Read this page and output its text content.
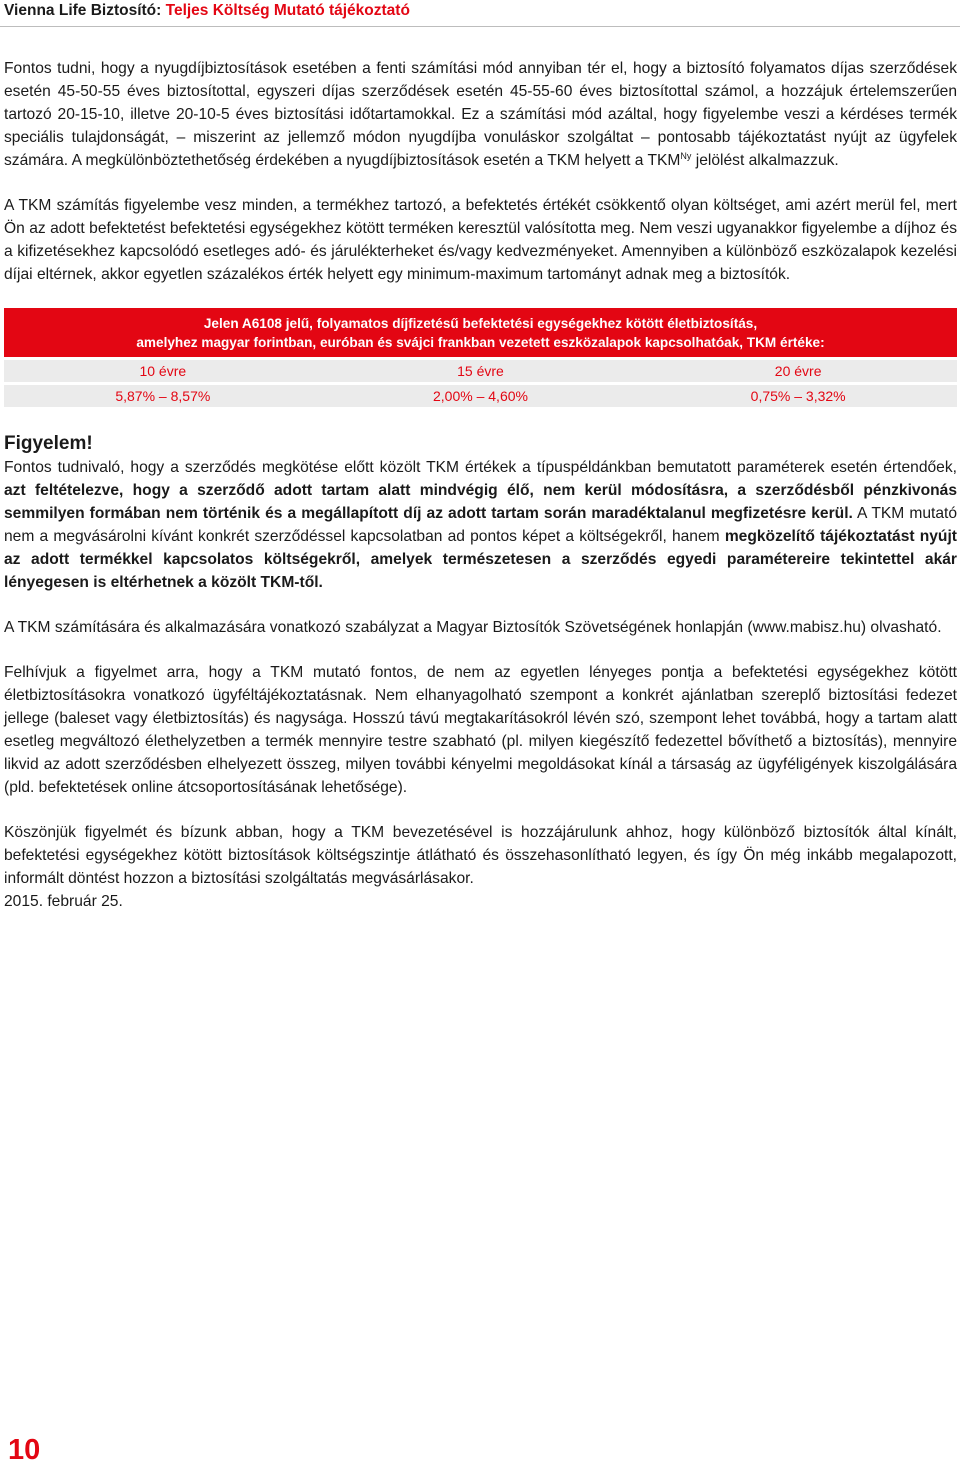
Vienna Life Biztosító: Teljes Költség Mutató tájékoztató

Fontos tudni, hogy a nyugdíjbiztosítások esetében a fenti számítási mód annyiban tér el, hogy a biztosító folyamatos díjas szerződések esetén 45-50-55 éves biztosítottal, egyszeri díjas szerződések esetén 45-55-60 éves biztosítottal számol, a hozzájuk értelemszerűen tartozó 20-15-10, illetve 20-10-5 éves biztosítási időtartamokkal. Ez a számítási mód azáltal, hogy figyelembe veszi a kérdéses termék speciális tulajdonságát, – miszerint az jellemző módon nyugdíjba vonuláskor szolgáltat – pontosabb tájékoztatást nyújt az ügyfelek számára. A megkülönböztethetőség érdekében a nyugdíjbiztosítások esetén a TKM helyett a $TKM^{Ny}$ jelölést alkalmazzuk.

A TKM számítás figyelembe vesz minden, a termékhez tartozó, a befektetés értékét csökkentő olyan költséget, ami azért merül fel, mert Ön az adott befektetést befektetési egységekhez kötött terméken keresztül valósította meg. Nem veszi ugyanakkor figyelembe a díjhoz és a kifizetésekhez kapcsolódó esetleges adó- és járulékterheket és/vagy kedvezményeket. Amennyiben a különböző eszközalapok kezelési díjai eltérnek, akkor egyetlen százalékos érték helyett egy minimum-maximum tartományt adnak meg a biztosítók.

Jelen A6108 jelű, folyamatos díjfizetésű befektetési egységekhez kötött életbiztosítás,
amelyhez magyar forintban, euróban és svájci frankban vezetett eszközalapok kapcsolhatóak, TKM értéke:		

10 évre	15 évre	20 évre
5,87% – 8,57%	2,00% – 4,60%	0,75% – 3,32%
Figyelem!

Fontos tudnivaló, hogy a szerződés megkötése előtt közölt TKM értékek a típuspéldánkban bemutatott paraméterek esetén értendőek, azt feltételezve, hogy a szerződő adott tartam alatt mindvégig élő, nem kerül módosításra, a szerződésből pénzkivonás semmilyen formában nem történik és a megállapított díj az adott tartam során maradéktalanul megfizetésre kerül. A TKM mutató nem a megvásárolni kívánt konkrét szerződéssel kapcsolatban ad pontos képet a költségekről, hanem megközelítő tájékoztatást nyújt az adott termékkel kapcsolatos költségekről, amelyek természetesen a szerződés egyedi paramétereire tekintettel akár lényegesen is eltérhetnek a közölt TKM-től.

A TKM számítására és alkalmazására vonatkozó szabályzat a Magyar Biztosítók Szövetségének honlapján (www.mabisz.hu) olvasható.

Felhívjuk a figyelmet arra, hogy a TKM mutató fontos, de nem az egyetlen lényeges pontja a befektetési egységekhez kötött életbiztosításokra vonatkozó ügyféltájékoztatásnak. Nem elhanyagolható szempont a konkrét ajánlatban szereplő biztosítási fedezet jellege (baleset vagy életbiztosítás) és nagysága. Hosszú távú megtakarításokról lévén szó, szempont lehet továbbá, hogy a tartam alatt esetleg megváltozó élethelyzetben a termék mennyire testre szabható (pl. milyen kiegészítő fedezettel bővíthető a biztosítás), mennyire likvid az adott szerződésben elhelyezett összeg, milyen további kényelmi megoldásokat kínál a társaság az ügyféligények kiszolgálására (pld. befektetések online átcsoportosításának lehetősége).

Köszönjük figyelmét és bízunk abban, hogy a TKM bevezetésével is hozzájárulunk ahhoz, hogy különböző biztosítók által kínált, befektetési egységekhez kötött biztosítások költségszintje átlátható és összehasonlítható legyen, és így Ön még inkább megalapozott, informált döntést hozzon a biztosítási szolgáltatás megvásárlásakor.

2015. február 25.

10
